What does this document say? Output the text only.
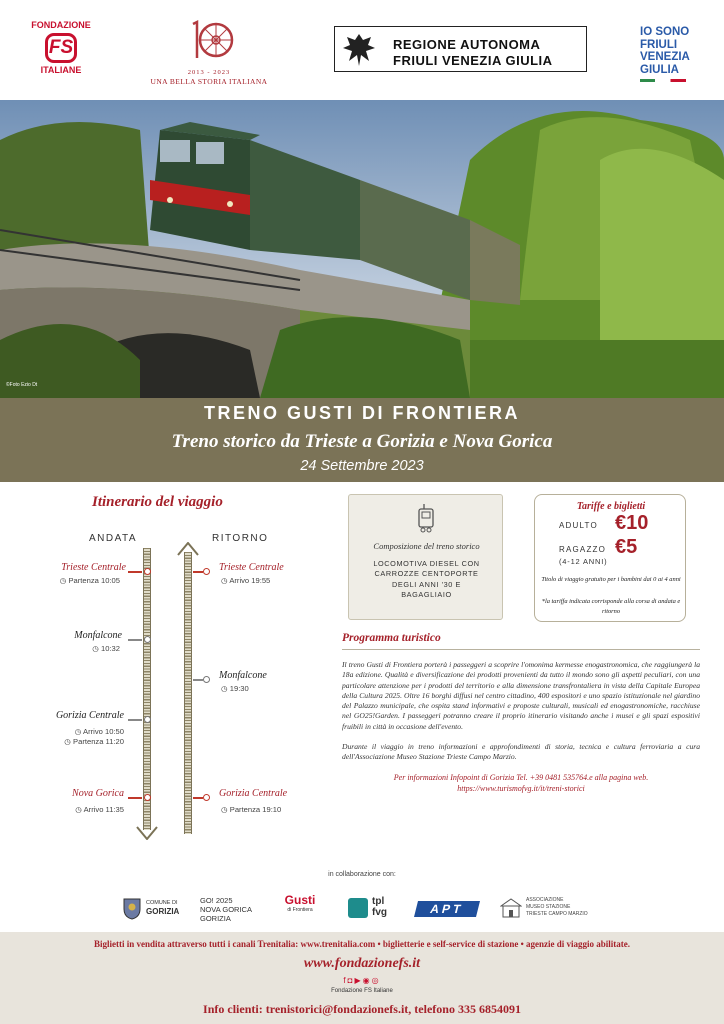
FONDAZIONE
FS
ITALIANE	2013 - 2023
UNA BELLA STORIA ITALIANA
REGIONE AUTONOMA
FRIULI VENEZIA GIULIA
IO SONO
FRIULI
VENEZIA
GIULIA
©Foto Ezio Dt
TRENO GUSTI DI FRONTIERA
Treno storico da Trieste a Gorizia e Nova Gorica
24 Settembre 2023
Itinerario del viaggio
ANDATA	RITORNO
Trieste Centrale
◷ Partenza 10:05
Monfalcone
◷ 10:32
Gorizia Centrale
◷ Arrivo 10:50
◷ Partenza 11:20
Nova Gorica
◷ Arrivo 11:35
Trieste Centrale
◷ Arrivo 19:55
Monfalcone
◷ 19:30
Gorizia Centrale
◷ Partenza 19:10
Composizione del treno storico
LOCOMOTIVA DIESEL CON
CARROZZE CENTOPORTE
DEGLI ANNI '30 E
BAGAGLIAIO
Tariffe e biglietti
ADULTO €10
RAGAZZO €5
(4-12 ANNI)
Titolo di viaggio gratuito per i bambini dai 0 ai 4 anni
*la tariffa indicata corrisponde alla corsa di andata e ritorno
Programma turistico

Il treno Gusti di Frontiera porterà i passeggeri a scoprire l'omonima kermesse enogastronomica, che raggiungerà la 18a edizione. Qualità e diversificazione dei prodotti provenienti da tutto il mondo sono gli aspetti peculiari, con una particolare attenzione per i prodotti del territorio e alla dimensione transfrontaliera in vista della Capitale Europea della Cultura 2025. Oltre 16 borghi diffusi nel centro cittadino, 400 espositori e uno spazio istituzionale nel giardino del Palazzo municipale, che ospita stand informativi e proposte culturali, musicali ed enogastronomiche, racchiuse nel GO25!Garden. I passeggeri potranno creare il proprio itinerario visitando anche i musei e gli spazi espositivi fruibili in città in occasione dell'evento.

Durante il viaggio in treno informazioni e approfondimenti di storia, tecnica e cultura ferroviaria a cura dell'Associazione Museo Stazione Trieste Campo Marzio.

Per informazioni Infopoint di Gorizia Tel. +39 0481 535764.e alla pagina web.
https://www.turismofvg.it/it/treni-storici
in collaborazione con:
COMUNE DI
GORIZIA
GO! 2025
NOVA GORICA
GORIZIA
Gusti
di Frontiera
tpl
fvg	APT
ASSOCIAZIONE
MUSEO STAZIONE
TRIESTE CAMPO MARZIO
Biglietti in vendita attraverso tutti i canali Trenitalia: www.trenitalia.com • biglietterie e self-service di stazione • agenzie di viaggio abilitate.
www.fondazionefs.it
f◘▶◉◎
Fondazione FS Italiane
Info clienti: trenistorici@fondazionefs.it, telefono 335 6854091
